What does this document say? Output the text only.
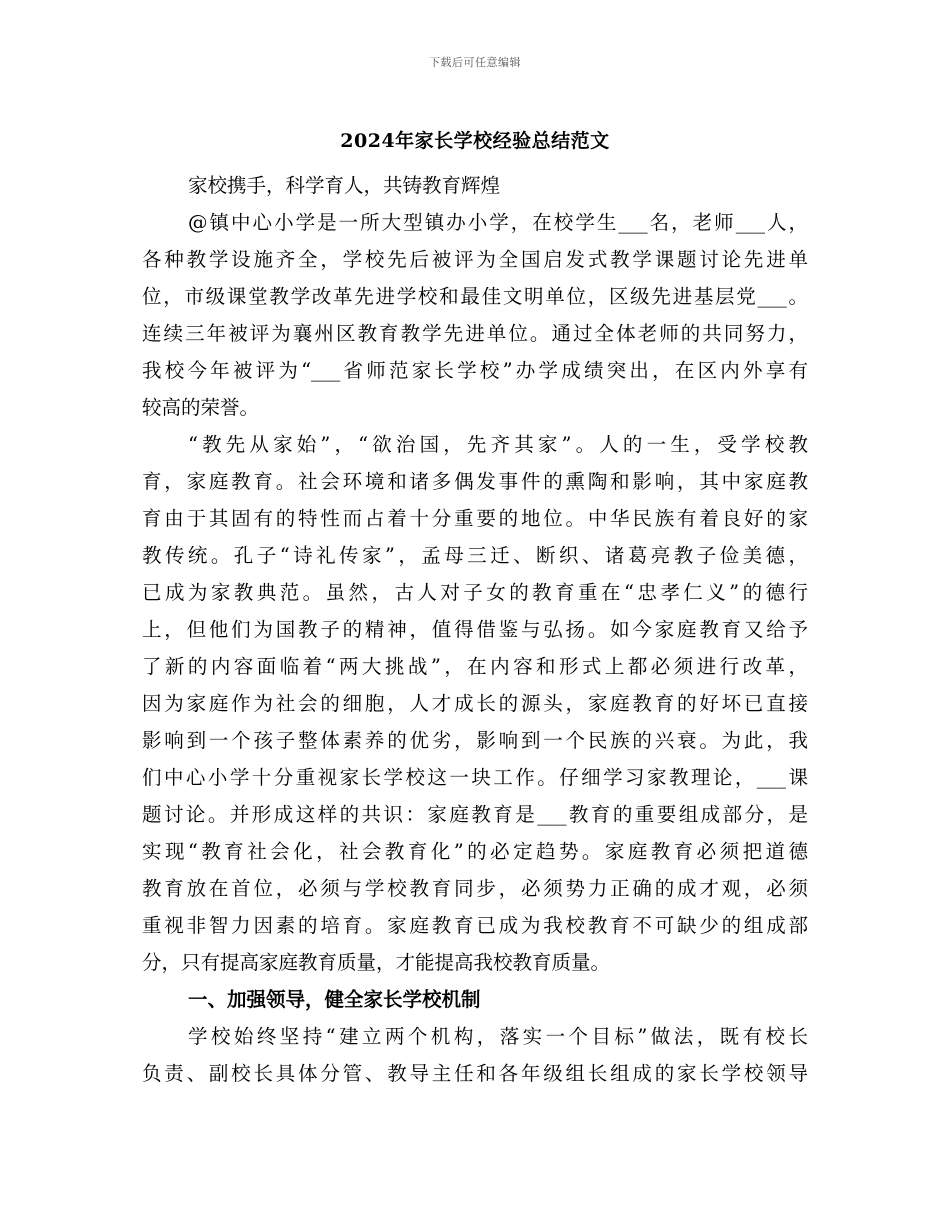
下载后可任意编辑
2024年家长学校经验总结范文
家校携手，科学育人，共铸教育辉煌
@镇中心小学是一所大型镇办小学，在校学生___名，老师___人，
各种教学设施齐全，学校先后被评为全国启发式教学课题讨论先进单
位，市级课堂教学改革先进学校和最佳文明单位，区级先进基层党___。
连续三年被评为襄州区教育教学先进单位。通过全体老师的共同努力，
我校今年被评为“___省师范家长学校”办学成绩突出，在区内外享有
较高的荣誉。
“教先从家始”，“欲治国，先齐其家”。人的一生，受学校教
育，家庭教育。社会环境和诸多偶发事件的熏陶和影响，其中家庭教
育由于其固有的特性而占着十分重要的地位。中华民族有着良好的家
教传统。孔子“诗礼传家”，孟母三迁、断织、诸葛亮教子俭美德，
已成为家教典范。虽然，古人对子女的教育重在“忠孝仁义”的德行
上，但他们为国教子的精神，值得借鉴与弘扬。如今家庭教育又给予
了新的内容面临着“两大挑战”，在内容和形式上都必须进行改革，
因为家庭作为社会的细胞，人才成长的源头，家庭教育的好坏已直接
影响到一个孩子整体素养的优劣，影响到一个民族的兴衰。为此，我
们中心小学十分重视家长学校这一块工作。仔细学习家教理论，___课
题讨论。并形成这样的共识：家庭教育是___教育的重要组成部分，是
实现“教育社会化，社会教育化”的必定趋势。家庭教育必须把道德
教育放在首位，必须与学校教育同步，必须势力正确的成才观，必须
重视非智力因素的培育。家庭教育已成为我校教育不可缺少的组成部
分，只有提高家庭教育质量，才能提高我校教育质量。
一、加强领导，健全家长学校机制
学校始终坚持“建立两个机构，落实一个目标”做法，既有校长
负责、副校长具体分管、教导主任和各年级组长组成的家长学校领导
